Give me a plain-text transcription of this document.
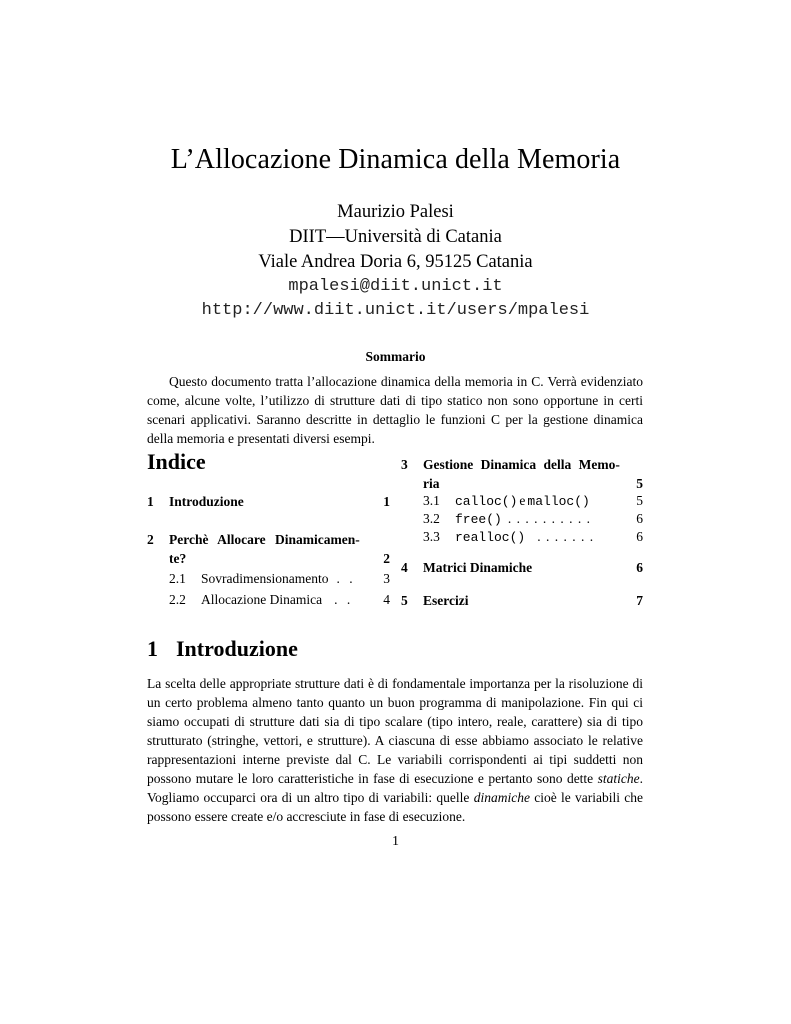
L’Allocazione Dinamica della Memoria
Maurizio Palesi
DIIT—Università di Catania
Viale Andrea Doria 6, 95125 Catania
mpalesi@diit.unict.it
http://www.diit.unict.it/users/mpalesi
Sommario
Questo documento tratta l’allocazione dinamica della memoria in C. Verrà evidenziato come, alcune volte, l’utilizzo di strutture dati di tipo statico non sono opportune in certi scenari applicativi. Saranno descritte in dettaglio le funzioni C per la gestione dinamica della memoria e presentati diversi esempi.
Indice
1	Introduzione	1
2	Perchè Allocare Dinamicamen-
te?	2
2.1	Sovradimensionamento . . 3
2.2	Allocazione Dinamica . . 4
3	Gestione Dinamica della Memo-
ria	5
3.1	calloc() e malloc()	5
3.2	free() . . . . . . . . . .	6
3.3	realloc() . . . . . . .	6
4	Matrici Dinamiche	6
5	Esercizi	7
1 Introduzione
La scelta delle appropriate strutture dati è di fondamentale importanza per la risoluzione di un certo problema almeno tanto quanto un buon programma di manipolazione. Fin qui ci siamo occupati di strutture dati sia di tipo scalare (tipo intero, reale, carattere) sia di tipo strutturato (stringhe, vettori, e strutture). A ciascuna di esse abbiamo associato le relative rappresentazioni interne previste dal C. Le variabili corrispondenti ai tipi suddetti non possono mutare le loro caratteristiche in fase di esecuzione e pertanto sono dette statiche. Vogliamo occuparci ora di un altro tipo di variabili: quelle dinamiche cioè le variabili che possono essere create e/o accresciute in fase di esecuzione.
1
